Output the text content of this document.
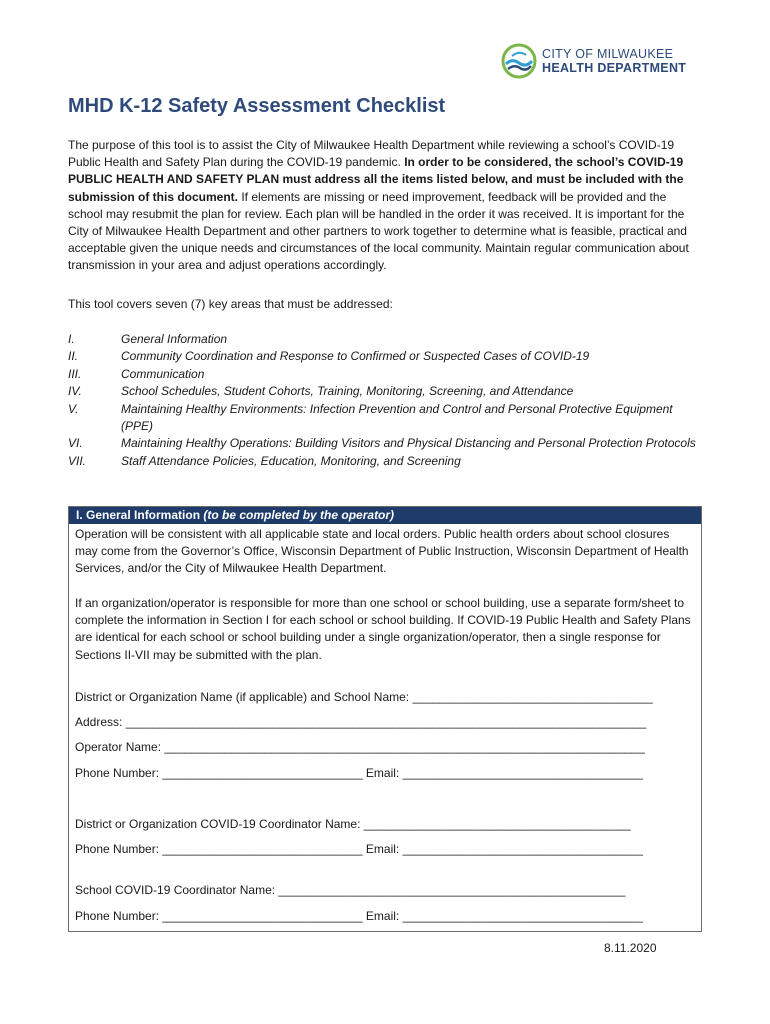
CITY OF MILWAUKEE
HEALTH DEPARTMENT
MHD K-12 Safety Assessment Checklist

The purpose of this tool is to assist the City of Milwaukee Health Department while reviewing a school’s COVID-19 Public Health and Safety Plan during the COVID-19 pandemic. In order to be considered, the school’s COVID-19 PUBLIC HEALTH AND SAFETY PLAN must address all the items listed below, and must be included with the submission of this document. If elements are missing or need improvement, feedback will be provided and the school may resubmit the plan for review. Each plan will be handled in the order it was received. It is important for the City of Milwaukee Health Department and other partners to work together to determine what is feasible, practical and acceptable given the unique needs and circumstances of the local community. Maintain regular communication about transmission in your area and adjust operations accordingly.

This tool covers seven (7) key areas that must be addressed:

I.	General Information
II.	Community Coordination and Response to Confirmed or Suspected Cases of COVID-19
III.	Communication
IV.	School Schedules, Student Cohorts, Training, Monitoring, Screening, and Attendance
V.	Maintaining Healthy Environments: Infection Prevention and Control and Personal Protective Equipment (PPE)
VI.	Maintaining Healthy Operations: Building Visitors and Physical Distancing and Personal Protection Protocols
VII.	Staff Attendance Policies, Education, Monitoring, and Screening
I. General Information (to be completed by the operator)

Operation will be consistent with all applicable state and local orders. Public health orders about school closures may come from the Governor’s Office, Wisconsin Department of Public Instruction, Wisconsin Department of Health Services, and/or the City of Milwaukee Health Department.

If an organization/operator is responsible for more than one school or school building, use a separate form/sheet to complete the information in Section I for each school or school building. If COVID-19 Public Health and Safety Plans are identical for each school or school building under a single organization/operator, then a single response for Sections II-VII may be submitted with the plan.

District or Organization Name (if applicable) and School Name: ____________________________________

Address: ______________________________________________________________________________

Operator Name: ________________________________________________________________________

Phone Number: ______________________________ Email: ____________________________________

District or Organization COVID-19 Coordinator Name: ________________________________________

Phone Number: ______________________________ Email: ____________________________________

School COVID-19 Coordinator Name: ____________________________________________________

Phone Number: ______________________________ Email: ____________________________________

8.11.2020
